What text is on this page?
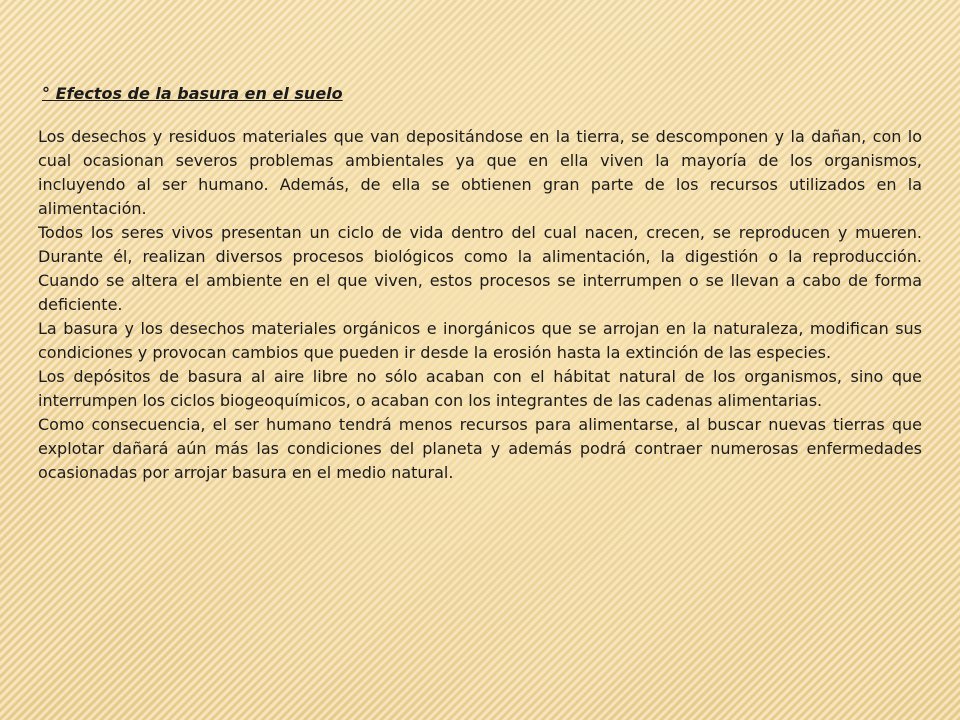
° Efectos de la basura en el suelo

Los desechos y residuos materiales que van depositándose en la tierra, se descomponen y la dañan, con lo cual ocasionan severos problemas ambientales ya que en ella viven la mayoría de los organismos, incluyendo al ser humano. Además, de ella se obtienen gran parte de los recursos utilizados en la alimentación.

Todos los seres vivos presentan un ciclo de vida dentro del cual nacen, crecen, se reproducen y mueren. Durante él, realizan diversos procesos biológicos como la alimentación, la digestión o la reproducción. Cuando se altera el ambiente en el que viven, estos procesos se interrumpen o se llevan a cabo de forma deficiente.

La basura y los desechos materiales orgánicos e inorgánicos que se arrojan en la naturaleza, modifican sus condiciones y provocan cambios que pueden ir desde la erosión hasta la extinción de las especies.

Los depósitos de basura al aire libre no sólo acaban con el hábitat natural de los organismos, sino que interrumpen los ciclos biogeoquímicos, o acaban con los integrantes de las cadenas alimentarias.

Como consecuencia, el ser humano tendrá menos recursos para alimentarse, al buscar nuevas tierras que explotar dañará aún más las condiciones del planeta y además podrá contraer numerosas enfermedades ocasionadas por arrojar basura en el medio natural.
